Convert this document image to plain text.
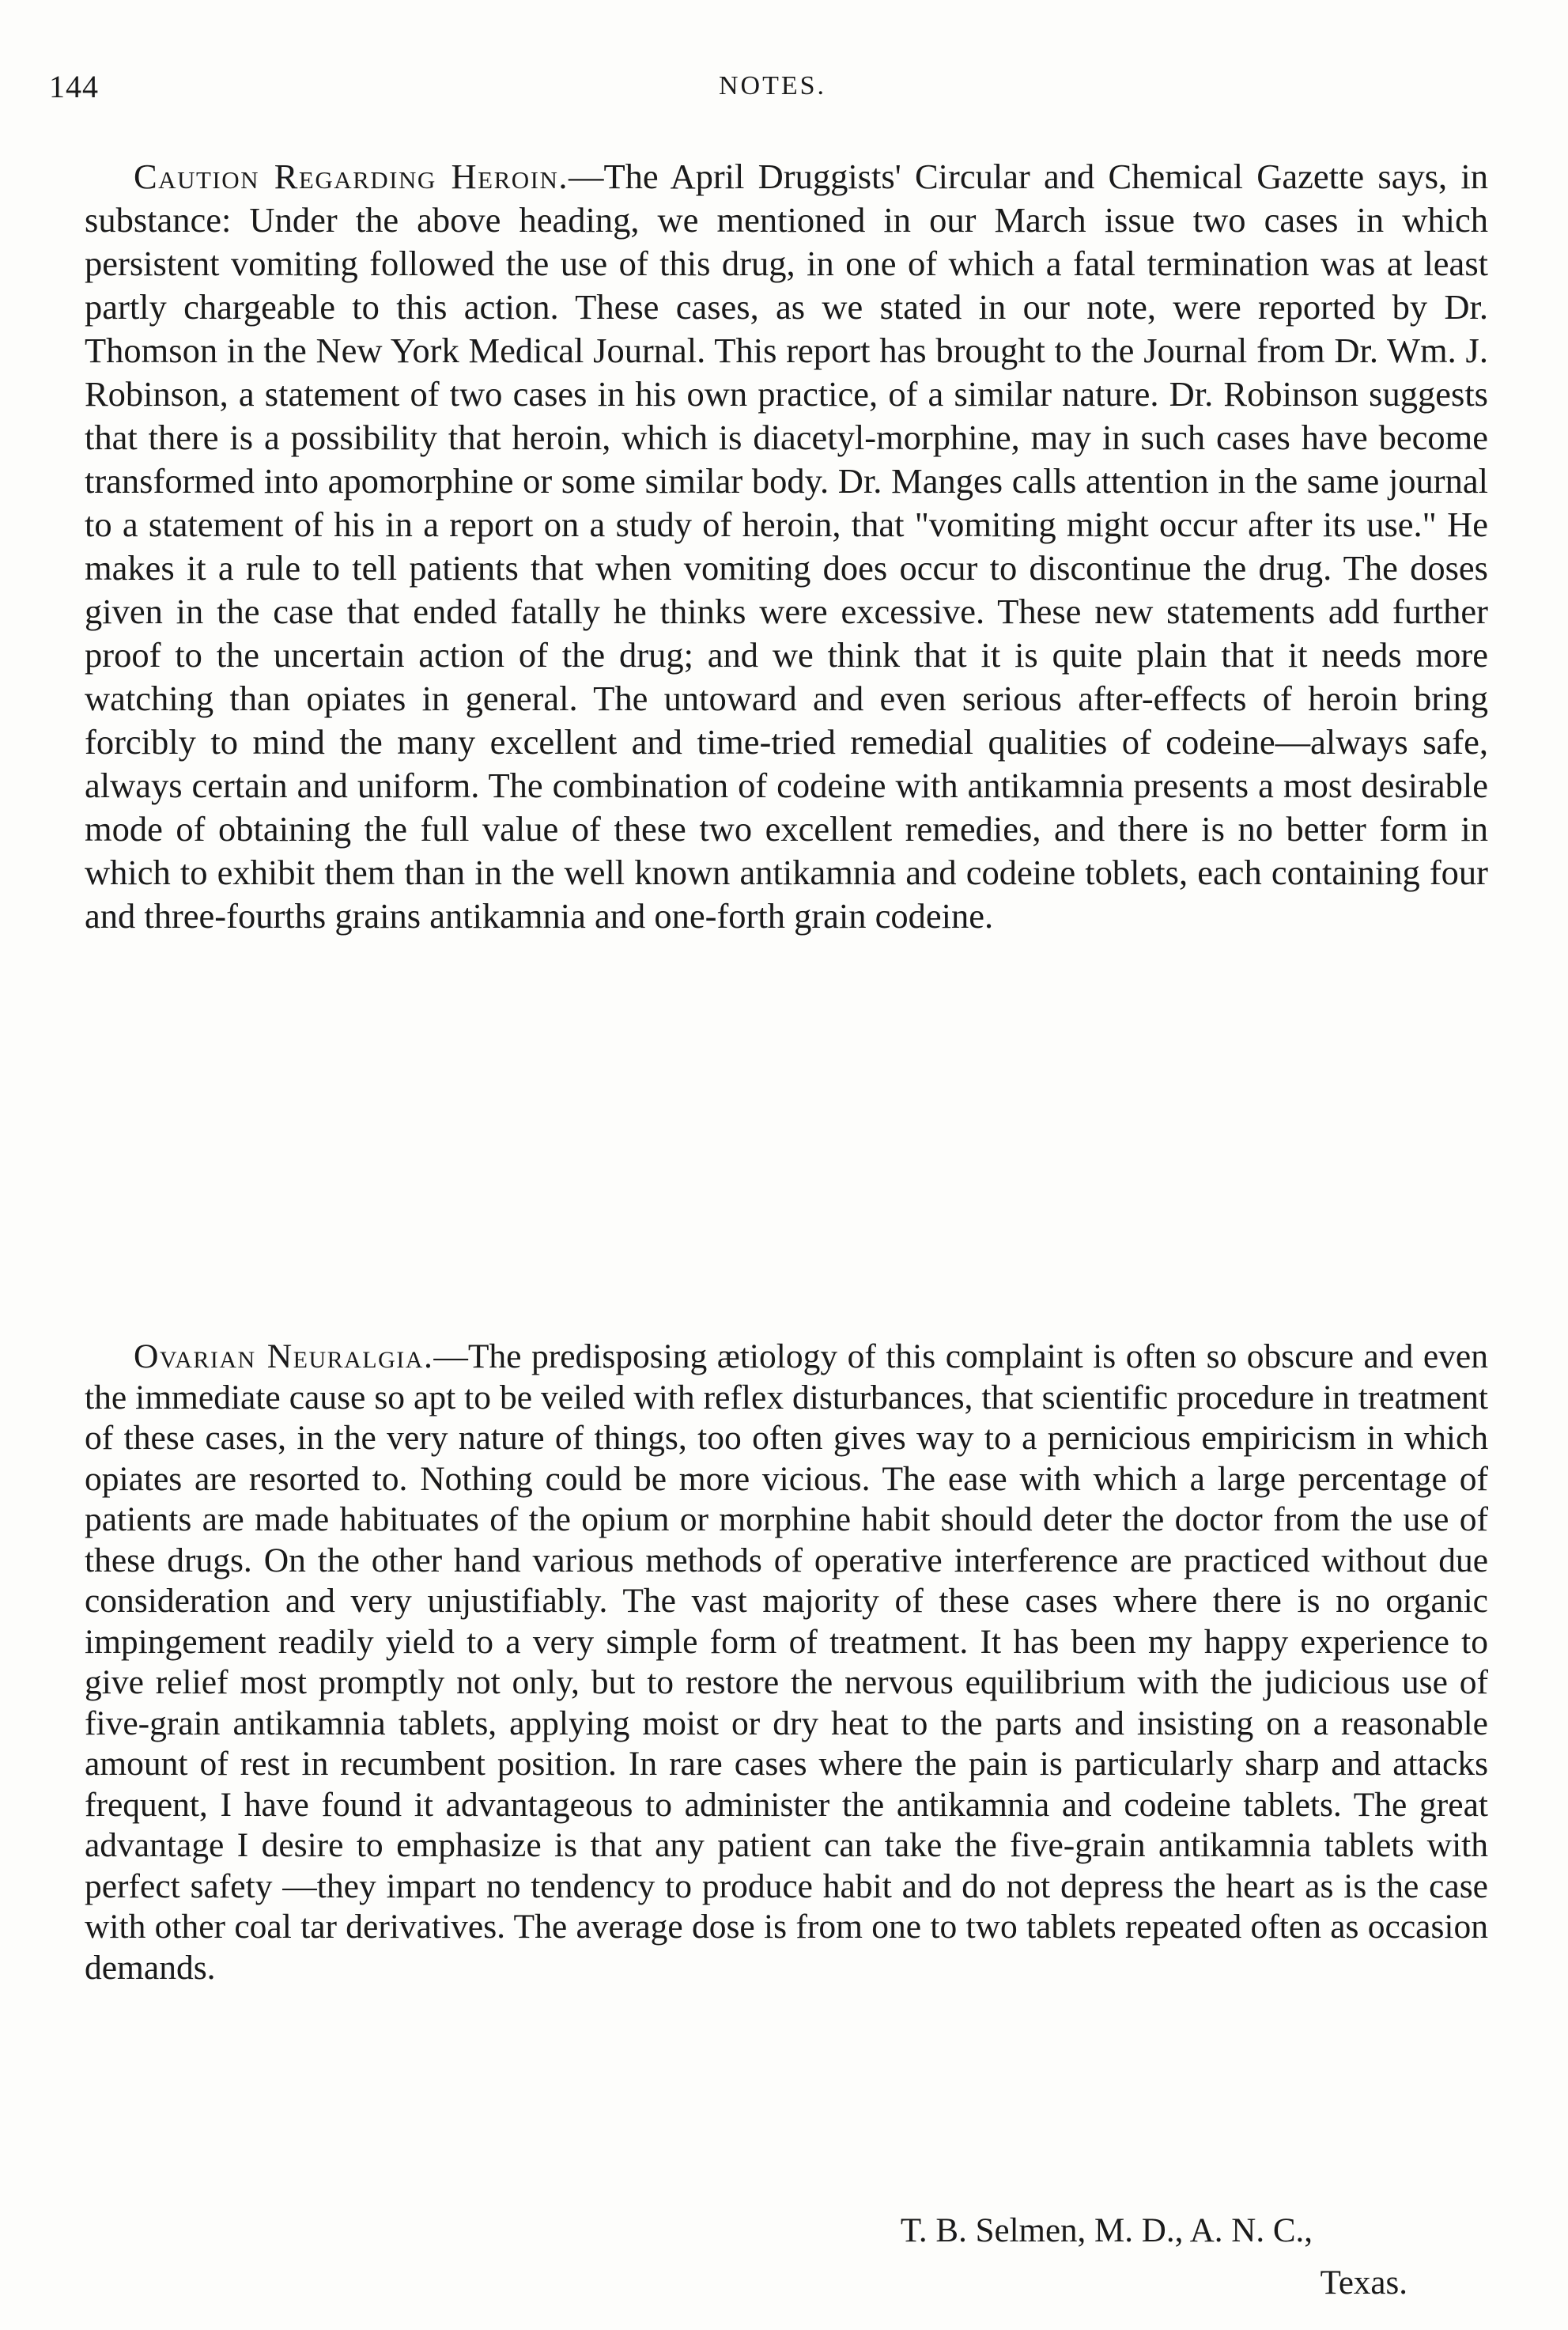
144	NOTES.

Caution Regarding Heroin.—The April Druggists' Circular and Chemical Gazette says, in substance: Under the above heading, we mentioned in our March issue two cases in which persistent vomiting followed the use of this drug, in one of which a fatal termination was at least partly chargeable to this action. These cases, as we stated in our note, were reported by Dr. Thomson in the New York Medical Journal. This report has brought to the Journal from Dr. Wm. J. Robinson, a statement of two cases in his own practice, of a similar nature. Dr. Robinson suggests that there is a possibility that heroin, which is diacetyl-morphine, may in such cases have become transformed into apomorphine or some similar body. Dr. Manges calls attention in the same journal to a statement of his in a report on a study of heroin, that "vomiting might occur after its use." He makes it a rule to tell patients that when vomiting does occur to discontinue the drug. The doses given in the case that ended fatally he thinks were excessive. These new statements add further proof to the uncertain action of the drug; and we think that it is quite plain that it needs more watching than opiates in general. The untoward and even serious after-effects of heroin bring forcibly to mind the many excellent and time-tried remedial qualities of codeine—always safe, always certain and uniform. The combination of codeine with antikamnia presents a most desirable mode of obtaining the full value of these two excellent remedies, and there is no better form in which to exhibit them than in the well known antikamnia and codeine toblets, each containing four and three-fourths grains antikamnia and one-forth grain codeine.

Ovarian Neuralgia.—The predisposing ætiology of this complaint is often so obscure and even the immediate cause so apt to be veiled with reflex disturbances, that scientific procedure in treatment of these cases, in the very nature of things, too often gives way to a pernicious empiricism in which opiates are resorted to. Nothing could be more vicious. The ease with which a large percentage of patients are made habituates of the opium or morphine habit should deter the doctor from the use of these drugs. On the other hand various methods of operative interference are practiced without due consideration and very unjustifiably. The vast majority of these cases where there is no organic impingement readily yield to a very simple form of treatment. It has been my happy experience to give relief most promptly not only, but to restore the nervous equilibrium with the judicious use of five-grain antikamnia tablets, applying moist or dry heat to the parts and insisting on a reasonable amount of rest in recumbent position. In rare cases where the pain is particularly sharp and attacks frequent, I have found it advantageous to administer the antikamnia and codeine tablets. The great advantage I desire to emphasize is that any patient can take the five-grain antikamnia tablets with perfect safety —they impart no tendency to produce habit and do not depress the heart as is the case with other coal tar derivatives. The average dose is from one to two tablets repeated often as occasion demands.

T. B. Selmen, M. D., A. N. C.,
Texas.
